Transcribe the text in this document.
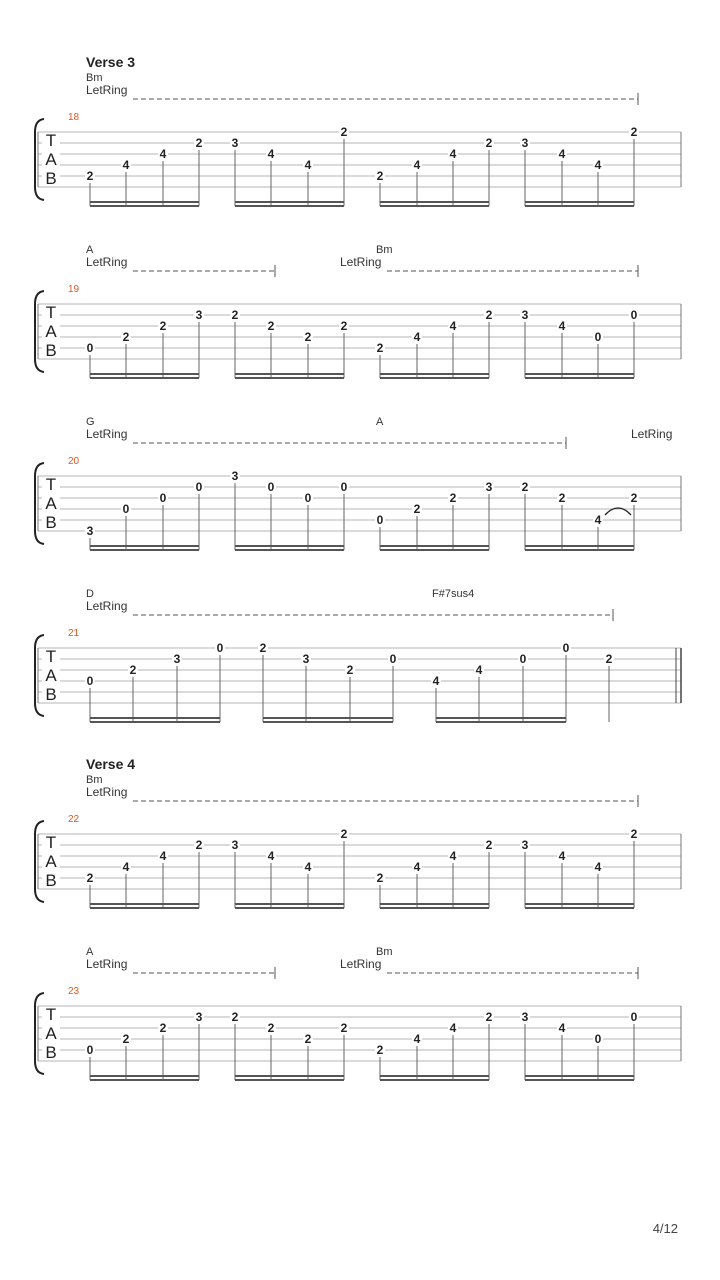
Verse 3
Bm
LetRing
18
T
A
B 2
4
4
2 3
4
4
2
2
4
4
2 3
4
4
2
A	Bm
LetRing	LetRing
19
T
A
B 0
2
2
3 2
2
2
2
2
4
4
2 3
4
0
0
G	A
LetRing	LetRing
20
T
A
B 3
0
0
0
3
0
0
0
0
2
2
3 2
2
4
2
D	F#7sus4
LetRing
21
T
A
B
0
2
3
0	2
3
2
0
4
4
0
0
2
Verse 4
Bm
LetRing
22
T
A
B 2
4
4
2 3
4
4
2
2
4
4
2 3
4
4
2
A	Bm
LetRing	LetRing
23
T
A
B 0
2
2
3 2
2
2
2
2
4
4
2 3
4
0
0
4/12
